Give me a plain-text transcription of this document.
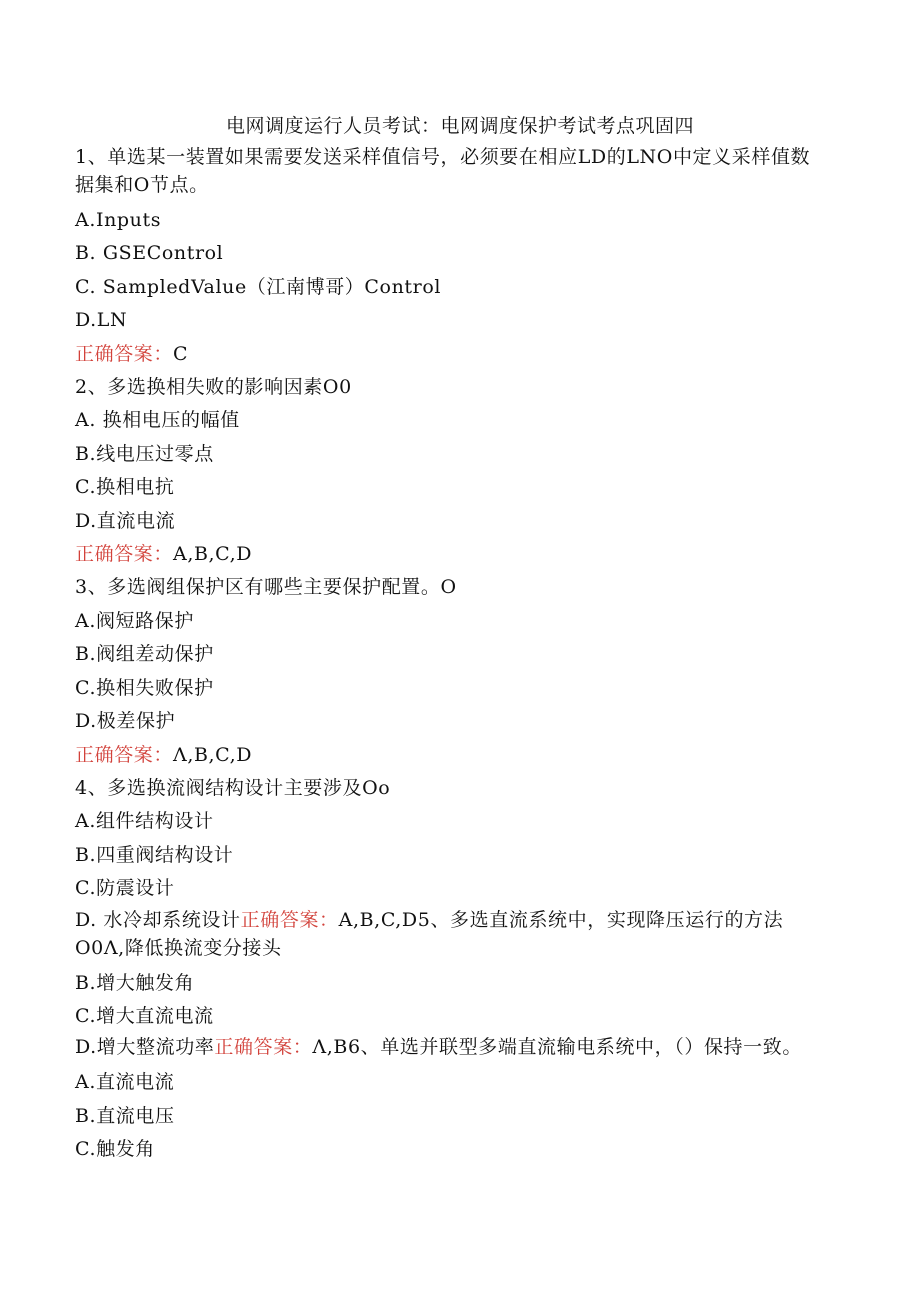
电网调度运行人员考试：电网调度保护考试考点巩固四
1、单选某一装置如果需要发送采样值信号，必须要在相应LD的LNO中定义采样值数据集和O节点。
A.Inputs
B. GSEControl
C. SampledValue（江南博哥）Control
D.LN
正确答案：C
2、多选换相失败的影响因素O0
A. 换相电压的幅值
B.线电压过零点
C.换相电抗
D.直流电流
正确答案：A,B,C,D
3、多选阀组保护区有哪些主要保护配置。O
A.阀短路保护
B.阀组差动保护
C.换相失败保护
D.极差保护
正确答案：Λ,B,C,D
4、多选换流阀结构设计主要涉及Oo
A.组件结构设计
B.四重阀结构设计
C.防震设计
D. 水冷却系统设计正确答案：A,B,C,D5、多选直流系统中，实现降压运行的方法O0Λ,降低换流变分接头
B.增大触发角
C.增大直流电流
D.增大整流功率正确答案：Λ,B6、单选并联型多端直流输电系统中，（）保持一致。
A.直流电流
B.直流电压
C.触发角
